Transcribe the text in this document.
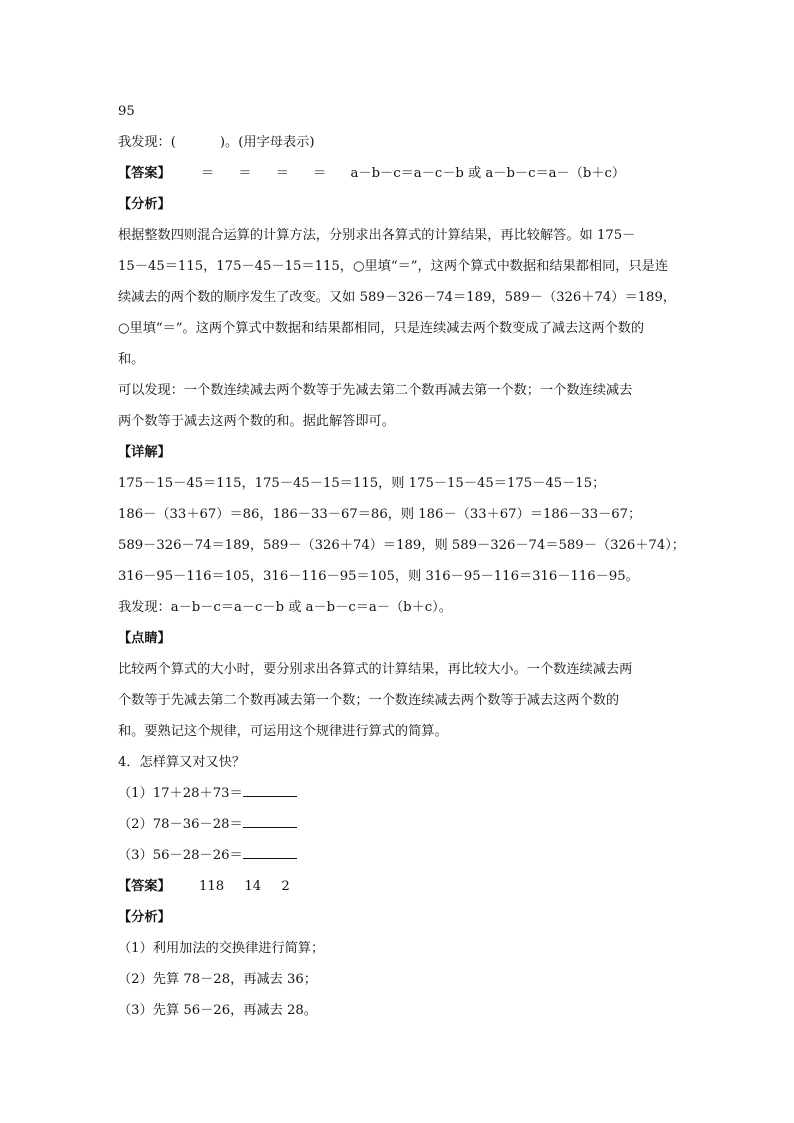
95
我发现：(	)。(用字母表示)
【答案】 ＝ ＝ ＝ ＝ a－b－c＝a－c－b 或 a－b－c＝a－（b＋c）
【分析】
根据整数四则混合运算的计算方法，分别求出各算式的计算结果，再比较解答。如 175－
15－45＝115，175－45－15＝115，○里填“＝”，这两个算式中数据和结果都相同，只是连
续减去的两个数的顺序发生了改变。又如 589－326－74＝189，589－（326＋74）＝189，
○里填“＝”。这两个算式中数据和结果都相同，只是连续减去两个数变成了减去这两个数的
和。
可以发现：一个数连续减去两个数等于先减去第二个数再减去第一个数；一个数连续减去
两个数等于减去这两个数的和。据此解答即可。
【详解】
175－15－45＝115，175－45－15＝115，则 175－15－45＝175－45－15；
186－（33＋67）＝86，186－33－67＝86，则 186－（33＋67）＝186－33－67；
589－326－74＝189，589－（326＋74）＝189，则 589－326－74＝589－（326＋74）；
316－95－116＝105，316－116－95＝105，则 316－95－116＝316－116－95。
我发现：a－b－c＝a－c－b 或 a－b－c＝a－（b＋c）。
【点睛】
比较两个算式的大小时，要分别求出各算式的计算结果，再比较大小。一个数连续减去两
个数等于先减去第二个数再减去第一个数；一个数连续减去两个数等于减去这两个数的
和。要熟记这个规律，可运用这个规律进行算式的简算。
4．怎样算又对又快？
（1）17＋28＋73＝
（2）78－36－28＝
（3）56－28－26＝
【答案】 118 14 2
【分析】
（1）利用加法的交换律进行简算；
（2）先算 78－28，再减去 36；
（3）先算 56－26，再减去 28。
